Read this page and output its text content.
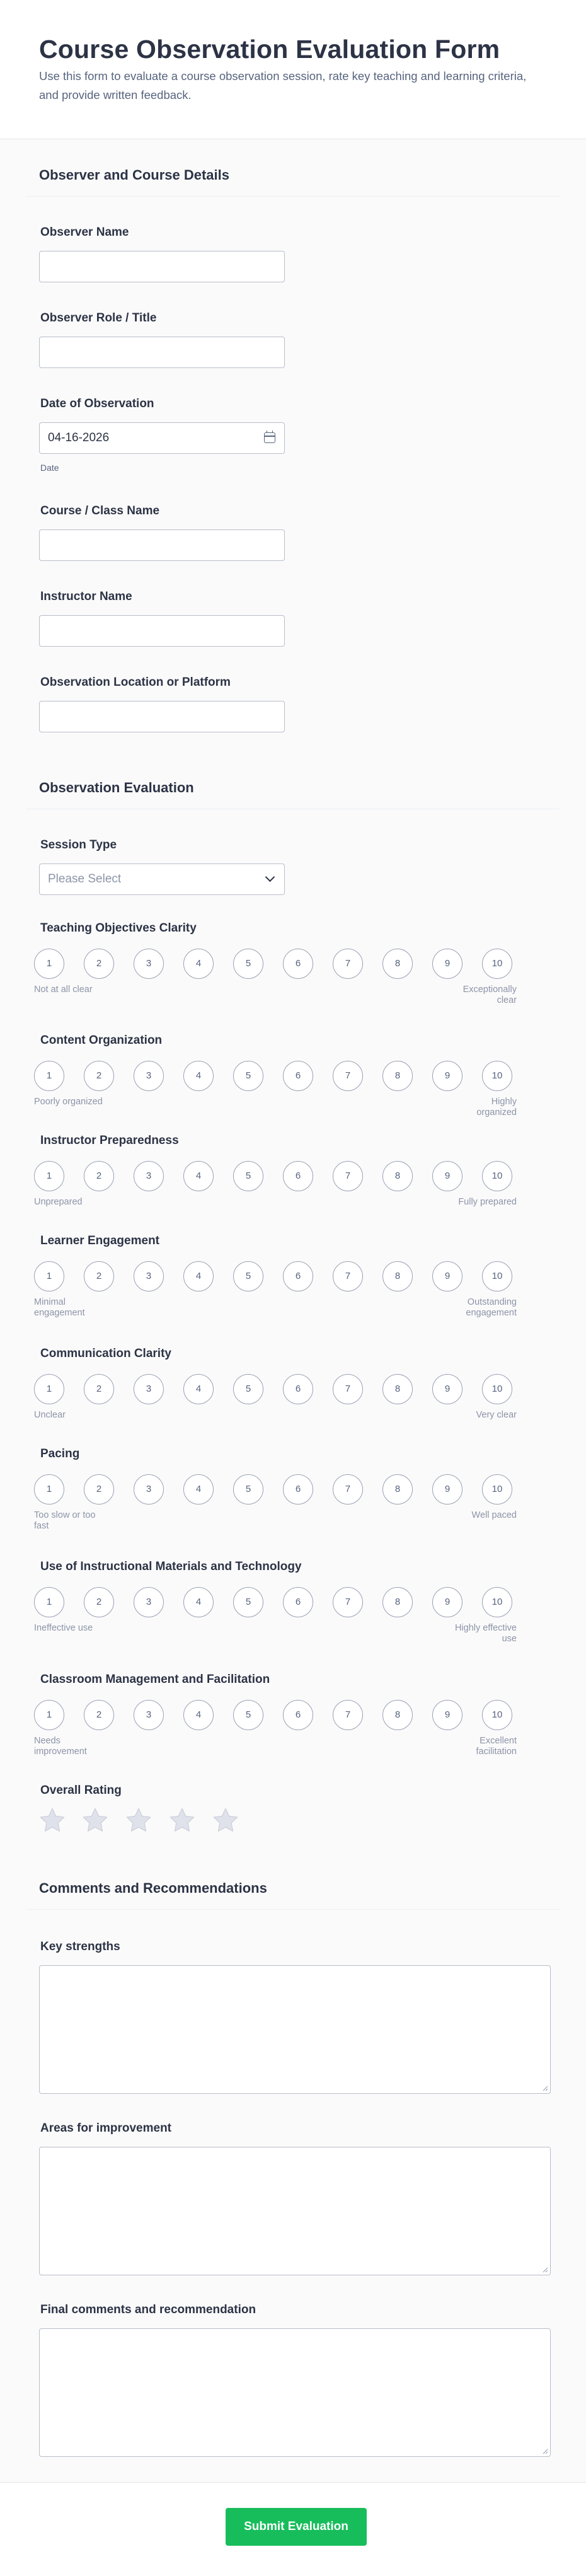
Course Observation Evaluation Form

Use this form to evaluate a course observation session, rate key teaching and learning criteria, and provide written feedback.

Observer and Course Details
Observer Name
Observer Role / Title
Date of Observation
04-16-2026
Date
Course / Class Name
Instructor Name
Observation Location or Platform
Observation Evaluation
Session Type
Please Select
Teaching Objectives Clarity
1	2	3	4	5	6	7	8	9	10
Not at all clear	Exceptionally clear
Content Organization
1	2	3	4	5	6	7	8	9	10
Poorly organized	Highly organized
Instructor Preparedness
1	2	3	4	5	6	7	8	9	10
Unprepared	Fully prepared
Learner Engagement
1	2	3	4	5	6	7	8	9	10
Minimal engagement
Outstanding engagement
Communication Clarity
1	2	3	4	5	6	7	8	9	10
Unclear	Very clear
Pacing
1	2	3	4	5	6	7	8	9	10
Too slow or too fast
Well paced
Use of Instructional Materials and Technology
1	2	3	4	5	6	7	8	9	10
Ineffective use	Highly effective use
Classroom Management and Facilitation
1	2	3	4	5	6	7	8	9	10
Needs improvement
Excellent facilitation
Overall Rating
Comments and Recommendations
Key strengths
Areas for improvement
Final comments and recommendation
Submit Evaluation
